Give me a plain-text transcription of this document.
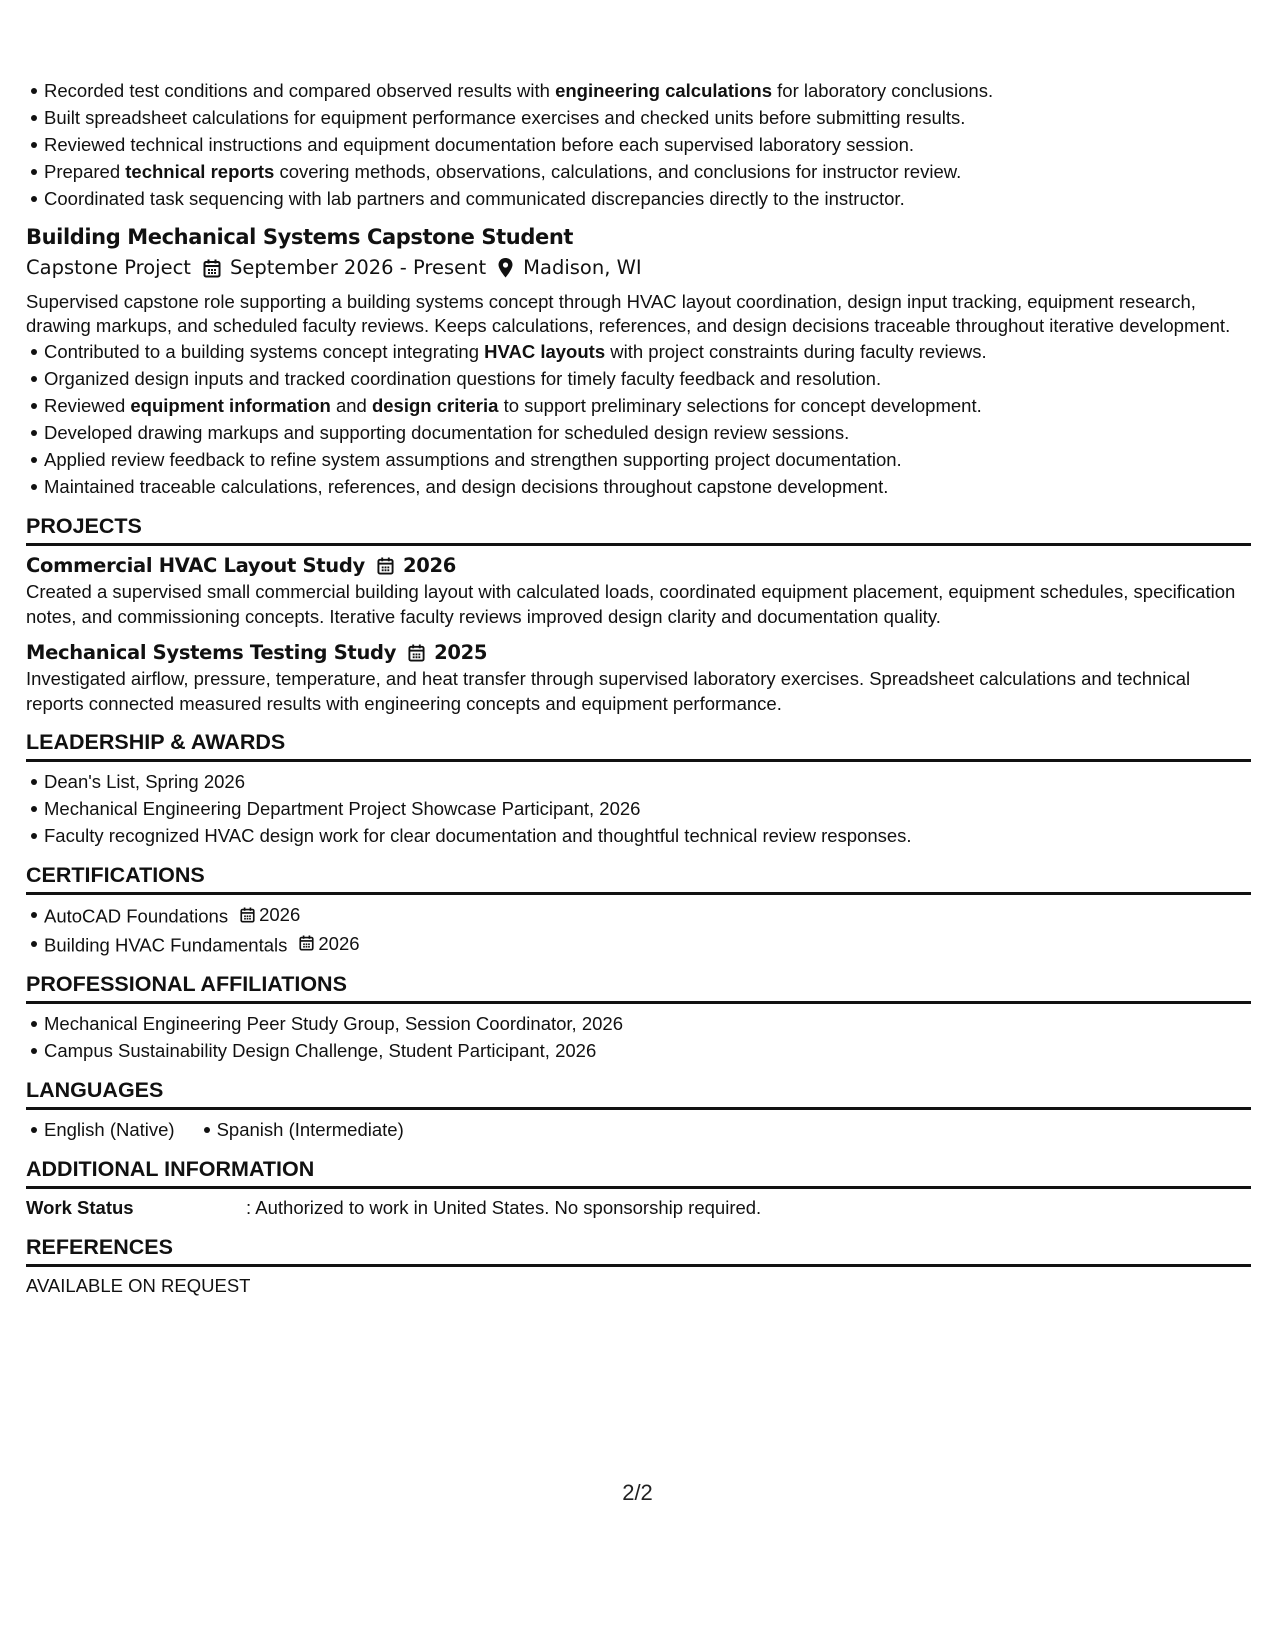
Recorded test conditions and compared observed results with engineering calculations for laboratory conclusions.
Built spreadsheet calculations for equipment performance exercises and checked units before submitting results.
Reviewed technical instructions and equipment documentation before each supervised laboratory session.
Prepared technical reports covering methods, observations, calculations, and conclusions for instructor review.
Coordinated task sequencing with lab partners and communicated discrepancies directly to the instructor.
Building Mechanical Systems Capstone Student
Capstone Project September 2026 - Present Madison, WI
Supervised capstone role supporting a building systems concept through HVAC layout coordination, design input tracking, equipment research, drawing markups, and scheduled faculty reviews. Keeps calculations, references, and design decisions traceable throughout iterative development.
Contributed to a building systems concept integrating HVAC layouts with project constraints during faculty reviews.
Organized design inputs and tracked coordination questions for timely faculty feedback and resolution.
Reviewed equipment information and design criteria to support preliminary selections for concept development.
Developed drawing markups and supporting documentation for scheduled design review sessions.
Applied review feedback to refine system assumptions and strengthen supporting project documentation.
Maintained traceable calculations, references, and design decisions throughout capstone development.
PROJECTS
Commercial HVAC Layout Study 2026
Created a supervised small commercial building layout with calculated loads, coordinated equipment placement, equipment schedules, specification notes, and commissioning concepts. Iterative faculty reviews improved design clarity and documentation quality.
Mechanical Systems Testing Study 2025
Investigated airflow, pressure, temperature, and heat transfer through supervised laboratory exercises. Spreadsheet calculations and technical reports connected measured results with engineering concepts and equipment performance.
LEADERSHIP & AWARDS
Dean's List, Spring 2026
Mechanical Engineering Department Project Showcase Participant, 2026
Faculty recognized HVAC design work for clear documentation and thoughtful technical review responses.
CERTIFICATIONS
AutoCAD Foundations 2026
Building HVAC Fundamentals 2026
PROFESSIONAL AFFILIATIONS
Mechanical Engineering Peer Study Group, Session Coordinator, 2026
Campus Sustainability Design Challenge, Student Participant, 2026
LANGUAGES
English (Native) Spanish (Intermediate)
ADDITIONAL INFORMATION
Work Status	: Authorized to work in United States. No sponsorship required.
REFERENCES
AVAILABLE ON REQUEST
2/2
